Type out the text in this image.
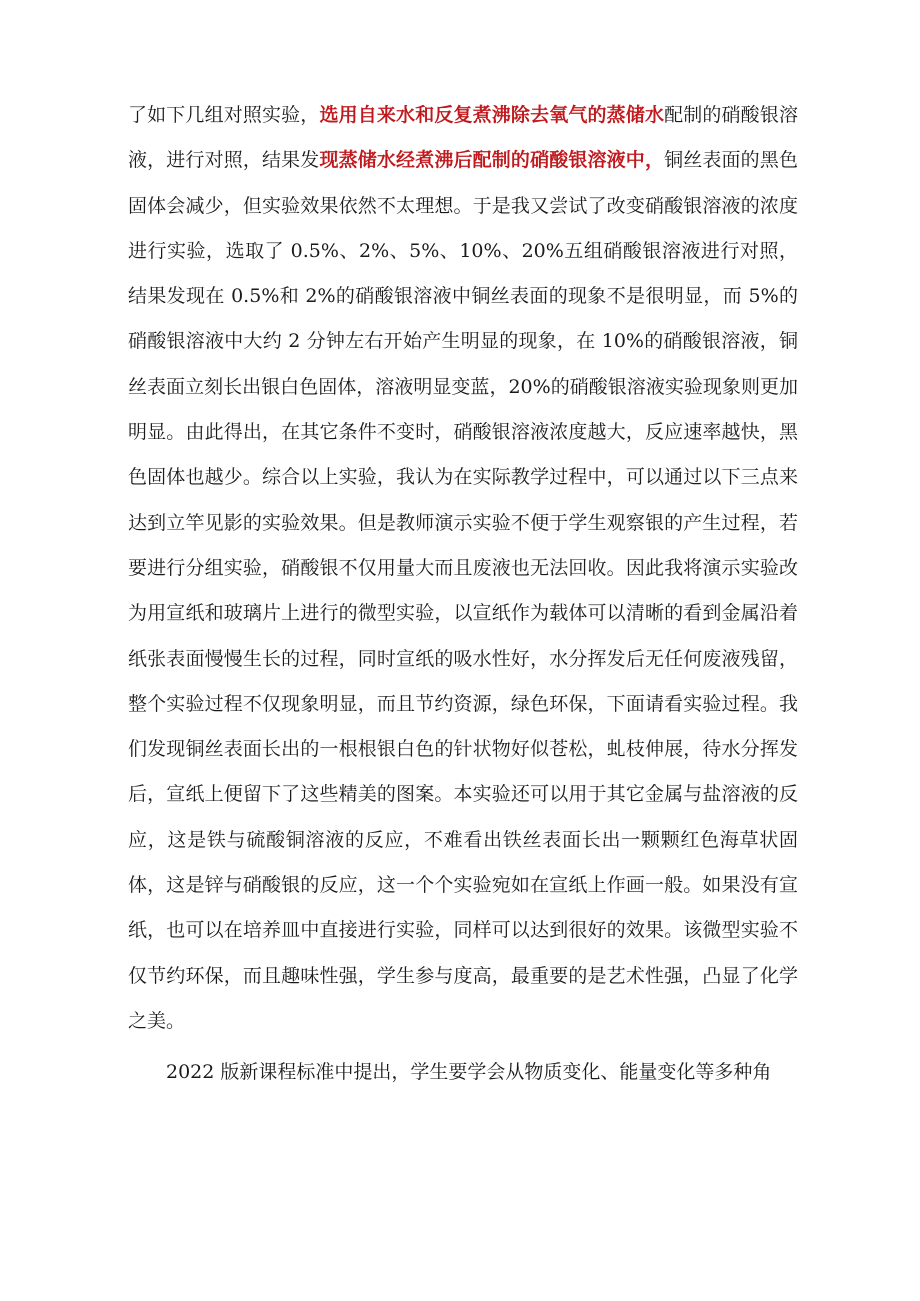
了如下几组对照实验，选用自来水和反复煮沸除去氧气的蒸储水配制的硝酸银溶液，进行对照，结果发现蒸储水经煮沸后配制的硝酸银溶液中，铜丝表面的黑色固体会减少，但实验效果依然不太理想。于是我又尝试了改变硝酸银溶液的浓度进行实验，选取了 0.5%、2%、5%、10%、20%五组硝酸银溶液进行对照，结果发现在 0.5%和 2%的硝酸银溶液中铜丝表面的现象不是很明显，而 5%的硝酸银溶液中大约 2 分钟左右开始产生明显的现象，在 10%的硝酸银溶液，铜丝表面立刻长出银白色固体，溶液明显变蓝，20%的硝酸银溶液实验现象则更加明显。由此得出，在其它条件不变时，硝酸银溶液浓度越大，反应速率越快，黑色固体也越少。综合以上实验，我认为在实际教学过程中，可以通过以下三点来达到立竿见影的实验效果。但是教师演示实验不便于学生观察银的产生过程，若要进行分组实验，硝酸银不仅用量大而且废液也无法回收。因此我将演示实验改为用宣纸和玻璃片上进行的微型实验，以宣纸作为载体可以清晰的看到金属沿着纸张表面慢慢生长的过程，同时宣纸的吸水性好，水分挥发后无任何废液残留，整个实验过程不仅现象明显，而且节约资源，绿色环保，下面请看实验过程。我们发现铜丝表面长出的一根根银白色的针状物好似苍松，虬枝伸展，待水分挥发后，宣纸上便留下了这些精美的图案。本实验还可以用于其它金属与盐溶液的反应，这是铁与硫酸铜溶液的反应，不难看出铁丝表面长出一颗颗红色海草状固体，这是锌与硝酸银的反应，这一个个实验宛如在宣纸上作画一般。如果没有宣纸，也可以在培养皿中直接进行实验，同样可以达到很好的效果。该微型实验不仅节约环保，而且趣味性强，学生参与度高，最重要的是艺术性强，凸显了化学之美。

2022 版新课程标准中提出，学生要学会从物质变化、能量变化等多种角
